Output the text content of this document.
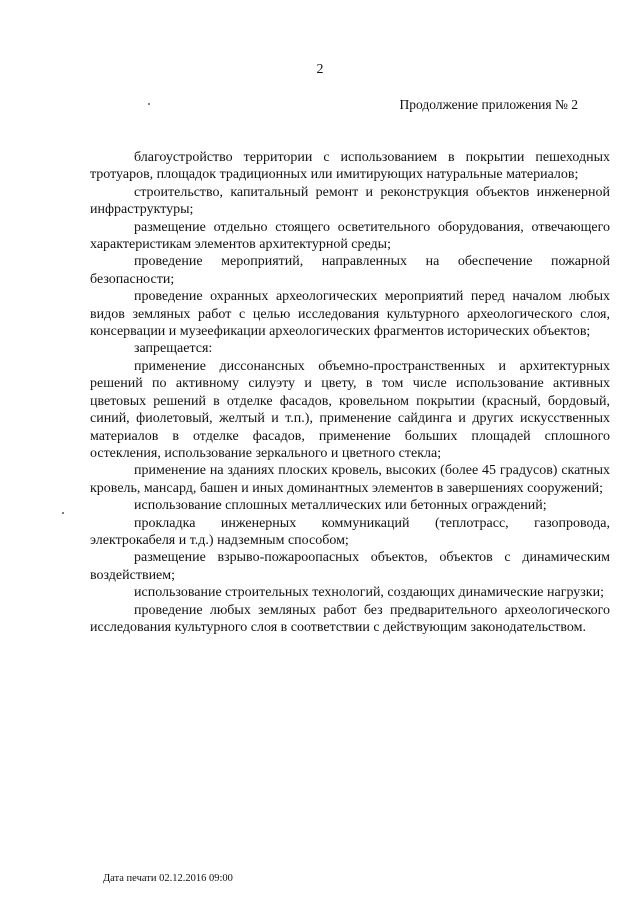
2
Продолжение приложения № 2

благоустройство территории с использованием в покрытии пешеходных тротуаров, площадок традиционных или имитирующих натуральные материалов;

строительство, капитальный ремонт и реконструкция объектов инженерной инфраструктуры;

размещение отдельно стоящего осветительного оборудования, отвечающего характеристикам элементов архитектурной среды;

проведение мероприятий, направленных на обеспечение пожарной безопасности;

проведение охранных археологических мероприятий перед началом любых видов земляных работ с целью исследования культурного археологического слоя, консервации и музеефикации археологических фрагментов исторических объектов;

запрещается:

применение диссонансных объемно-пространственных и архитектурных решений по активному силуэту и цвету, в том числе использование активных цветовых решений в отделке фасадов, кровельном покрытии (красный, бордовый, синий, фиолетовый, желтый и т.п.), применение сайдинга и других искусственных материалов в отделке фасадов, применение больших площадей сплошного остекления, использование зеркального и цветного стекла;

применение на зданиях плоских кровель, высоких (более 45 градусов) скатных кровель, мансард, башен и иных доминантных элементов в завершениях сооружений;

использование сплошных металлических или бетонных ограждений;

прокладка инженерных коммуникаций (теплотрасс, газопровода, электрокабеля и т.д.) надземным способом;

размещение взрыво-пожароопасных объектов, объектов с динамическим воздействием;

использование строительных технологий, создающих динамические нагрузки;

проведение любых земляных работ без предварительного археологического исследования культурного слоя в соответствии с действующим законодательством.

Дата печати 02.12.2016 09:00
